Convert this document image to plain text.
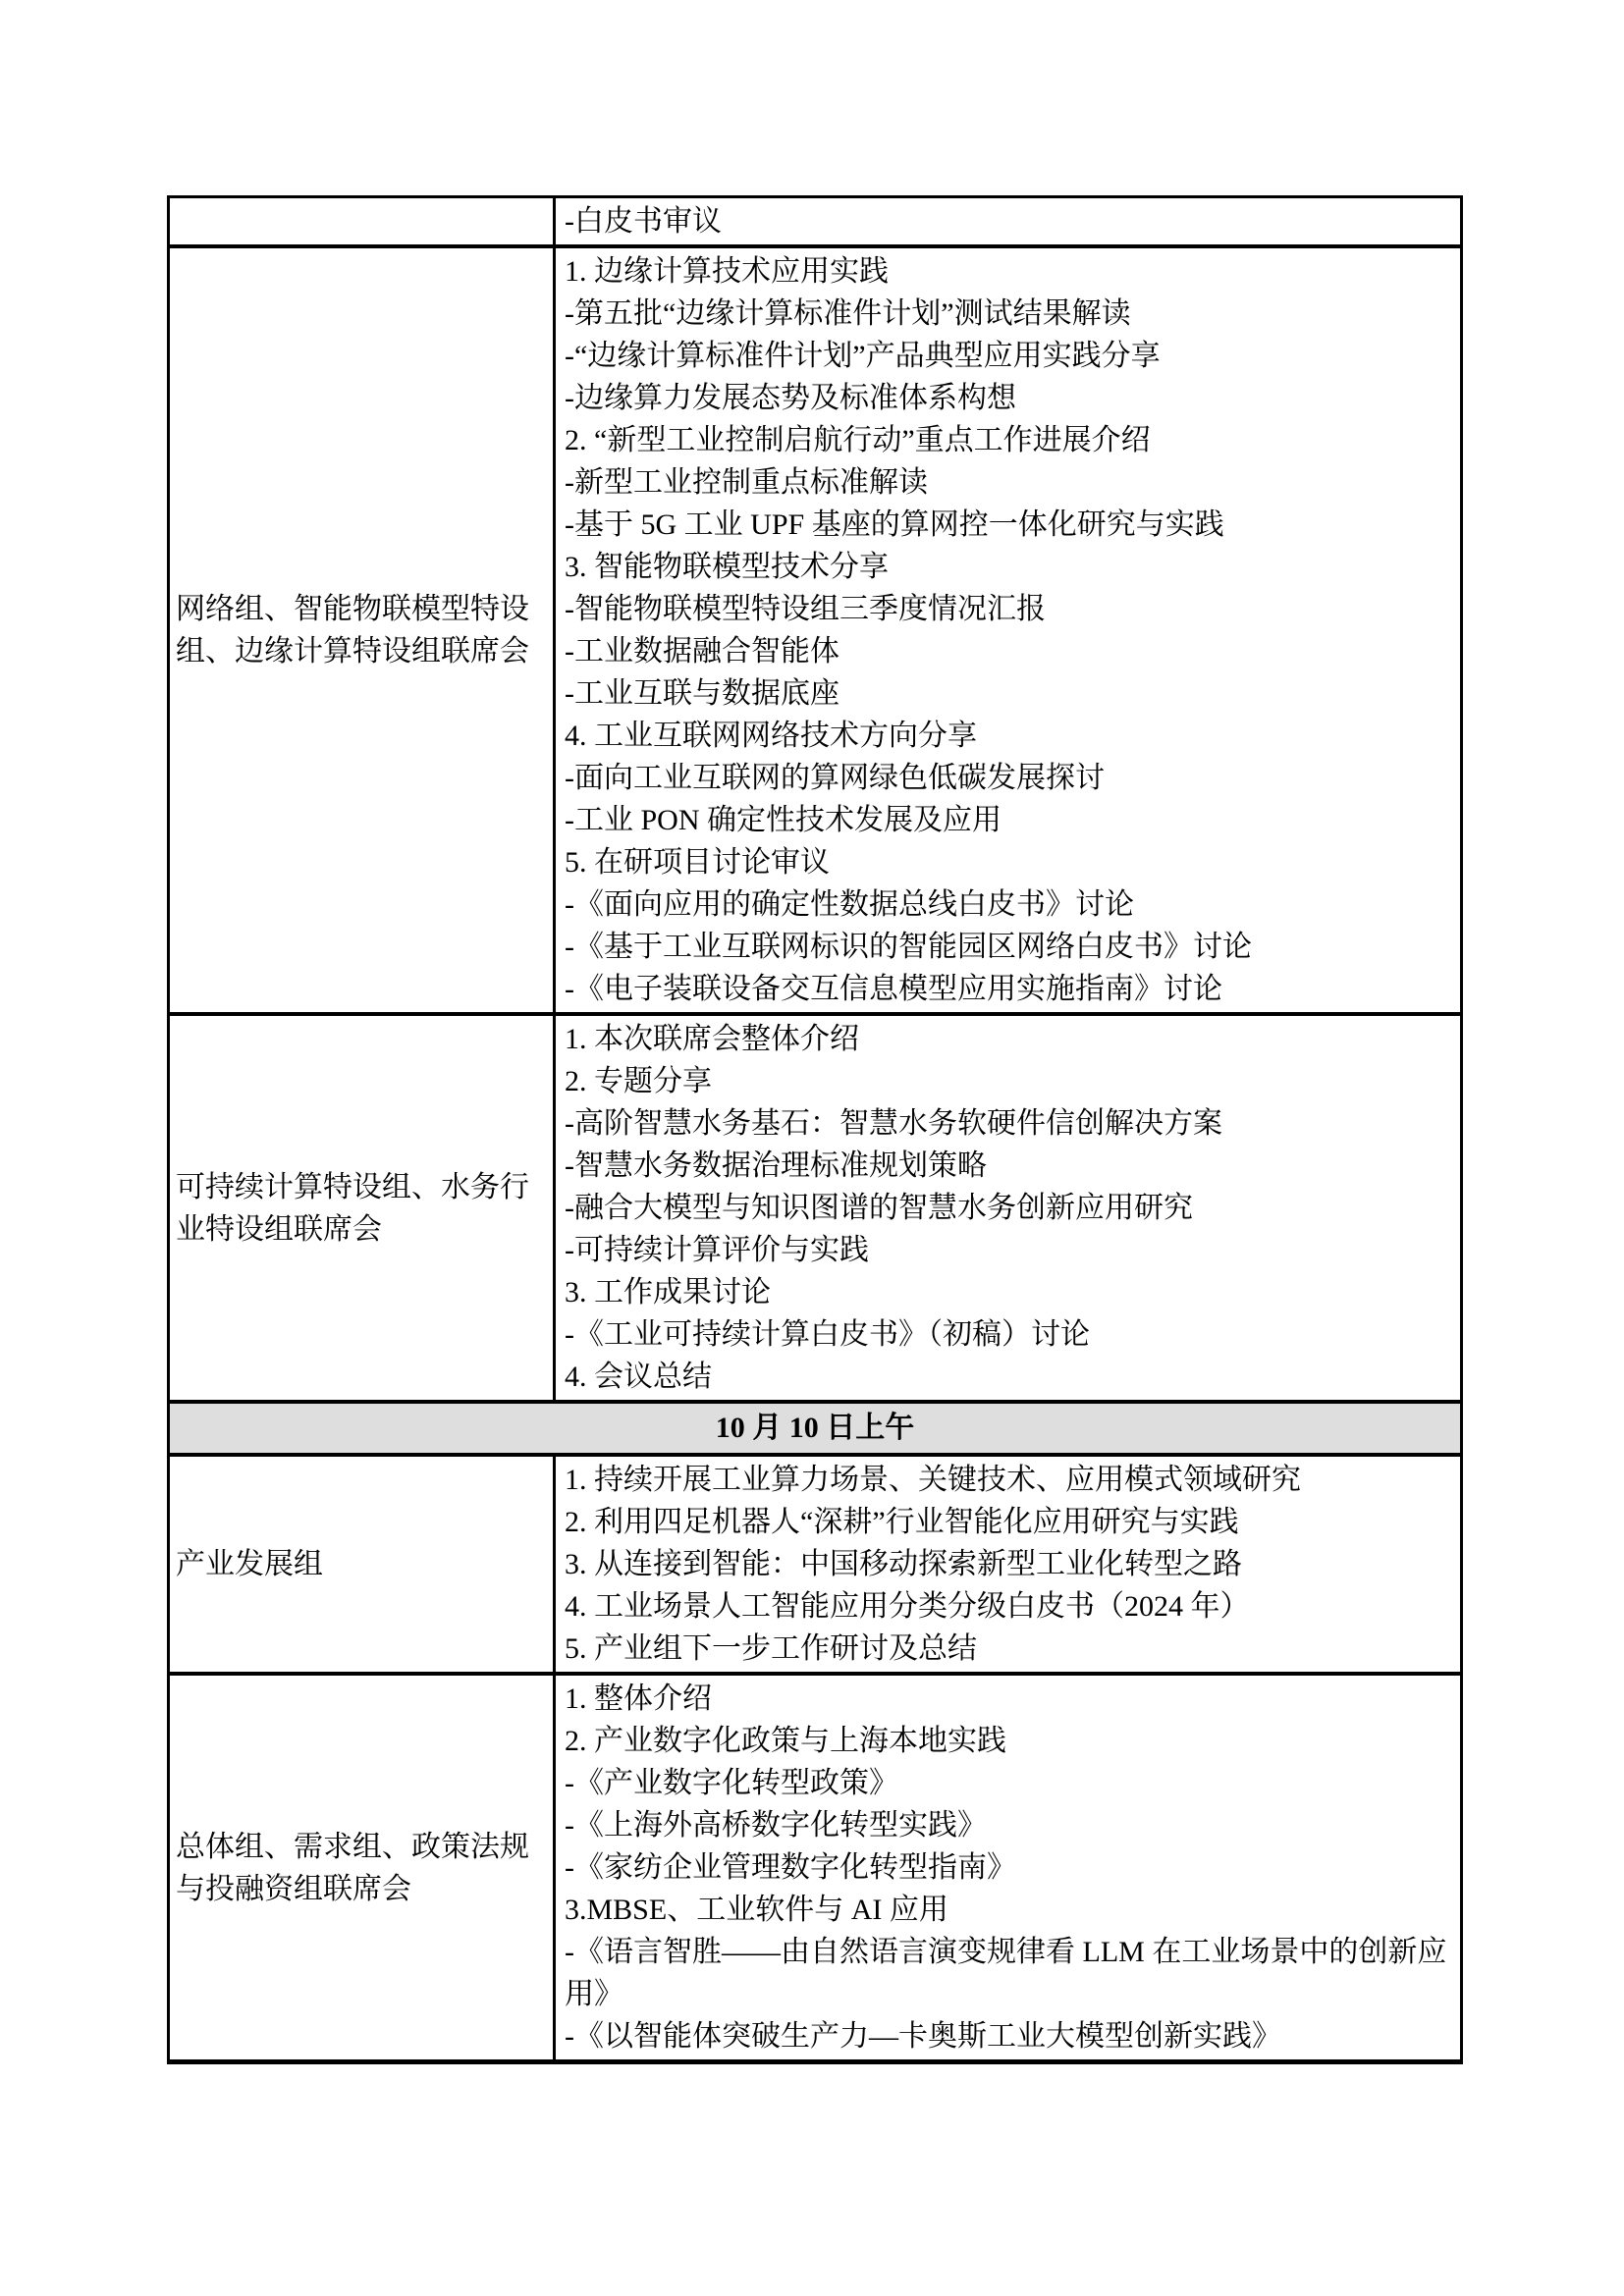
-白皮书审议
网络组、智能物联模型特设组、边缘计算特设组联席会
1. 边缘计算技术应用实践
-第五批“边缘计算标准件计划”测试结果解读
-“边缘计算标准件计划”产品典型应用实践分享
-边缘算力发展态势及标准体系构想
2. “新型工业控制启航行动”重点工作进展介绍
-新型工业控制重点标准解读
-基于 5G 工业 UPF 基座的算网控一体化研究与实践
3. 智能物联模型技术分享
-智能物联模型特设组三季度情况汇报
-工业数据融合智能体
-工业互联与数据底座
4. 工业互联网网络技术方向分享
-面向工业互联网的算网绿色低碳发展探讨
-工业 PON 确定性技术发展及应用
5. 在研项目讨论审议
-《面向应用的确定性数据总线白皮书》讨论
-《基于工业互联网标识的智能园区网络白皮书》讨论
-《电子装联设备交互信息模型应用实施指南》讨论
可持续计算特设组、水务行业特设组联席会
1. 本次联席会整体介绍
2. 专题分享
-高阶智慧水务基石：智慧水务软硬件信创解决方案
-智慧水务数据治理标准规划策略
-融合大模型与知识图谱的智慧水务创新应用研究
-可持续计算评价与实践
3. 工作成果讨论
-《工业可持续计算白皮书》（初稿）讨论
4. 会议总结
10 月 10 日上午
产业发展组
1. 持续开展工业算力场景、关键技术、应用模式领域研究
2. 利用四足机器人“深耕”行业智能化应用研究与实践
3. 从连接到智能：中国移动探索新型工业化转型之路
4. 工业场景人工智能应用分类分级白皮书（2024 年）
5. 产业组下一步工作研讨及总结
总体组、需求组、政策法规与投融资组联席会
1. 整体介绍
2. 产业数字化政策与上海本地实践
-《产业数字化转型政策》
-《上海外高桥数字化转型实践》
-《家纺企业管理数字化转型指南》
3.MBSE、工业软件与 AI 应用
-《语言智胜——由自然语言演变规律看 LLM 在工业场景中的创新应用》
-《以智能体突破生产力—卡奥斯工业大模型创新实践》
